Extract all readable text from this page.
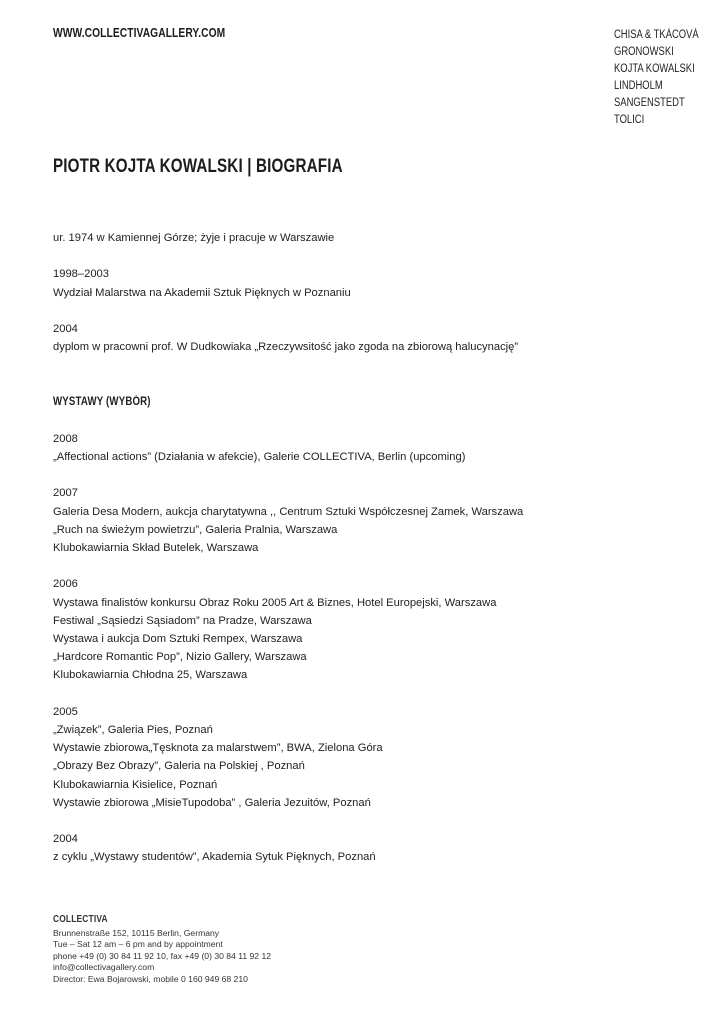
WWW.COLLECTIVAGALLERY.COM	CHISA & TKÁCOVÁ
GRONOWSKI
KOJTA KOWALSKI
LINDHOLM
SANGENSTEDT
TOLICI
PIOTR KOJTA KOWALSKI | BIOGRAFIA

ur. 1974 w Kamiennej Górze; żyje i pracuje w Warszawie

1998–2003

Wydział Malarstwa na Akademii Sztuk Pięknych w Poznaniu

2004

dyplom w pracowni prof. W Dudkowiaka „Rzeczywsitość jako zgoda na zbiorową halucynację”

WYSTAWY (WYBÓR)

2008

„Affectional actions” (Działania w afekcie), Galerie COLLECTIVA, Berlin (upcoming)

2007

Galeria Desa Modern, aukcja charytatywna ,, Centrum Sztuki Współczesnej Zamek, Warszawa

„Ruch na świeżym powietrzu”, Galeria Pralnia, Warszawa

Klubokawiarnia Skład Butelek, Warszawa

2006

Wystawa finalistów konkursu Obraz Roku 2005 Art & Biznes, Hotel Europejski, Warszawa

Festiwal „Sąsiedzi Sąsiadom” na Pradze, Warszawa

Wystawa i aukcja Dom Sztuki Rempex, Warszawa

„Hardcore Romantic Pop”, Nizio Gallery, Warszawa

Klubokawiarnia Chłodna 25, Warszawa

2005

„Związek”, Galeria Pies, Poznań

Wystawie zbiorowa„Tęsknota za malarstwem”, BWA, Zielona Góra

„Obrazy Bez Obrazy”, Galeria na Polskiej , Poznań

Klubokawiarnia Kisielice, Poznań

Wystawie zbiorowa „MisieTupodoba” , Galeria Jezuitów, Poznań

2004

z cyklu „Wystawy studentów”, Akademia Sytuk Pięknych, Poznań

COLLECTIVA

Brunnenstraße 152, 10115 Berlin, Germany

Tue – Sat 12 am – 6 pm and by appointment

phone +49 (0) 30 84 11 92 10, fax +49 (0) 30 84 11 92 12

info@collectivagallery.com

Director: Ewa Bojarowski, mobile 0 160 949 68 210
